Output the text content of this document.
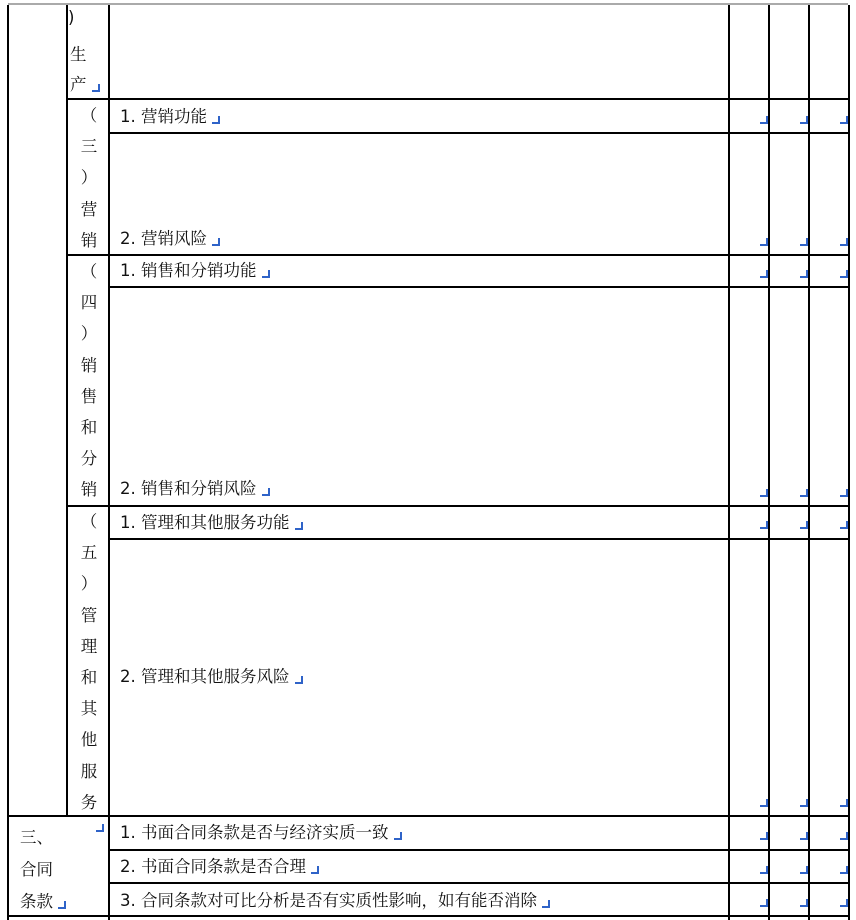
)
生
产
（
三
）
营
销
1. 营销功能
2. 营销风险
（
四
）
销
售
和
分
销
1. 销售和分销功能
2. 销售和分销风险
（
五
）
管
理
和
其
他
服
务
1. 管理和其他服务功能
2. 管理和其他服务风险
三、
合同
条款
1. 书面合同条款是否与经济实质一致
2. 书面合同条款是否合理
3. 合同条款对可比分析是否有实质性影响，如有能否消除
